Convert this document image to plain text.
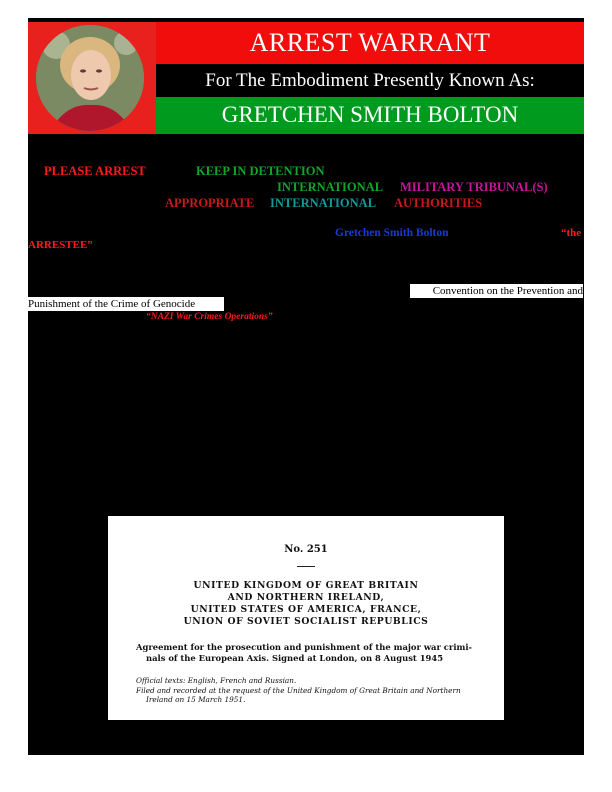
ARREST WARRANT
For The Embodiment Presently Known As:
GRETCHEN SMITH BOLTON
PLEASE ARREST	KEEP IN DETENTION
INTERNATIONAL MILITARY TRIBUNAL(S)
APPROPRIATE INTERNATIONAL AUTHORITIES
Gretchen Smith Bolton	“the
ARRESTEE”
Convention on the Prevention and
Punishment of the Crime of Genocide
“NAZI War Crimes Operations”
No. 251
UNITED KINGDOM OF GREAT BRITAIN
AND NORTHERN IRELAND,
UNITED STATES OF AMERICA, FRANCE,
UNION OF SOVIET SOCIALIST REPUBLICS
Agreement for the prosecution and punishment of the major war crimi-
nals of the European Axis. Signed at London, on 8 August 1945
Official texts: English, French and Russian.
Filed and recorded at the request of the United Kingdom of Great Britain and Northern
Ireland on 15 March 1951.
